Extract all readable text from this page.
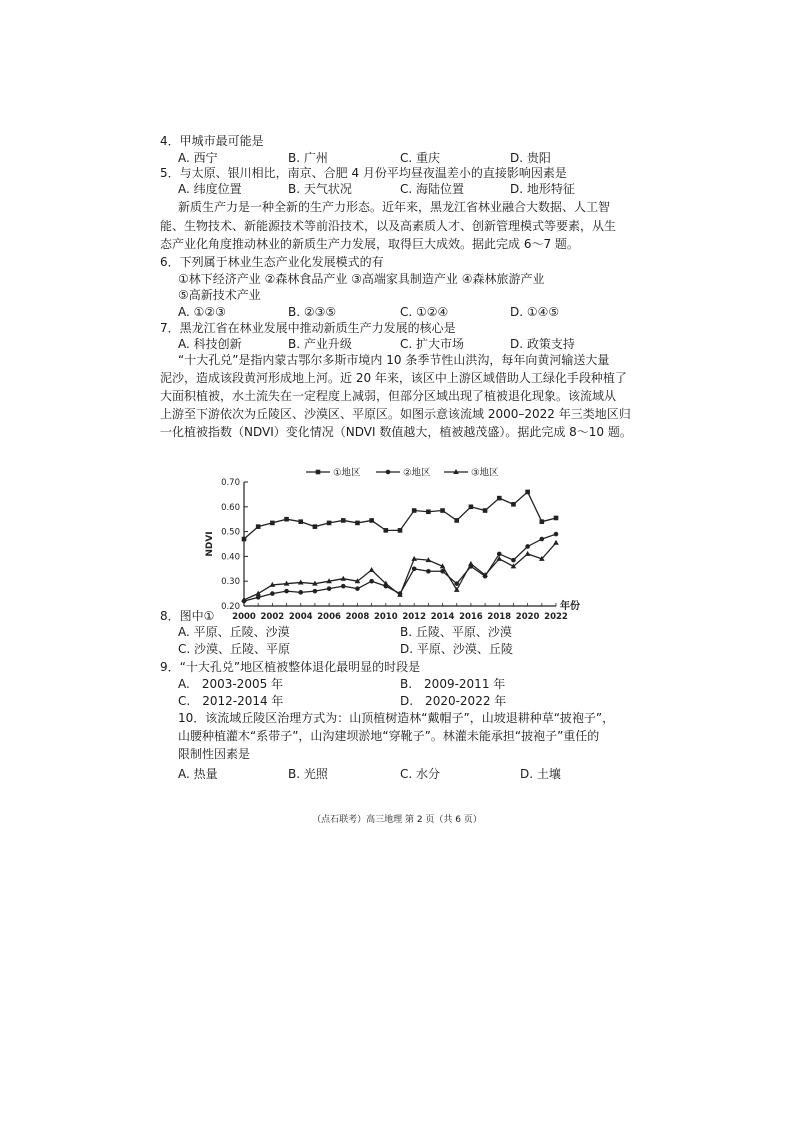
4．甲城市最可能是
A. 西宁	B. 广州	C. 重庆	D. 贵阳
5．与太原、银川相比，南京、合肥 4 月份平均昼夜温差小的直接影响因素是
A. 纬度位置	B. 天气状况	C. 海陆位置	D. 地形特征
新质生产力是一种全新的生产力形态。近年来，黑龙江省林业融合大数据、人工智
能、生物技术、新能源技术等前沿技术，以及高素质人才、创新管理模式等要素，从生
态产业化角度推动林业的新质生产力发展，取得巨大成效。据此完成 6～7 题。
6．下列属于林业生态产业化发展模式的有
①林下经济产业 ②森林食品产业 ③高端家具制造产业 ④森林旅游产业
⑤高新技术产业
A. ①②③	B. ②③⑤	C. ①②④	D. ①④⑤
7．黑龙江省在林业发展中推动新质生产力发展的核心是
A. 科技创新	B. 产业升级	C. 扩大市场	D. 政策支持
“十大孔兑”是指内蒙古鄂尔多斯市境内 10 条季节性山洪沟，每年向黄河输送大量
泥沙，造成该段黄河形成地上河。近 20 年来，该区中上游区域借助人工绿化手段种植了
大面积植被，水土流失在一定程度上减弱，但部分区域出现了植被退化现象。该流域从
上游至下游依次为丘陵区、沙漠区、平原区。如图示意该流域 2000–2022 年三类地区归
一化植被指数（NDVI）变化情况（NDVI 数值越大，植被越茂盛）。据此完成 8～10 题。
0.20
0.30
0.40
0.50
0.60
0.70
2000 2002 2004 2006 2008 2010 2012 2014 2016 2018 2020 2022
NDVI
年份
①地区	②地区	③地区
8．图中①
A. 平原、丘陵、沙漠	B. 丘陵、平原、沙漠
C. 沙漠、丘陵、平原	D. 平原、沙漠、丘陵
9．“十大孔兑”地区植被整体退化最明显的时段是
A.　2003-2005 年	B.　2009-2011 年
C.　2012-2014 年	D.　2020-2022 年
10．该流域丘陵区治理方式为：山顶植树造林“戴帽子”，山坡退耕种草“披袍子”，
山腰种植灌木“系带子”，山沟建坝淤地“穿靴子”。林灌未能承担“披袍子”重任的
限制性因素是
A. 热量	B. 光照	C. 水分	D. 土壤
（点石联考）高三地理 第 2 页（共 6 页）
